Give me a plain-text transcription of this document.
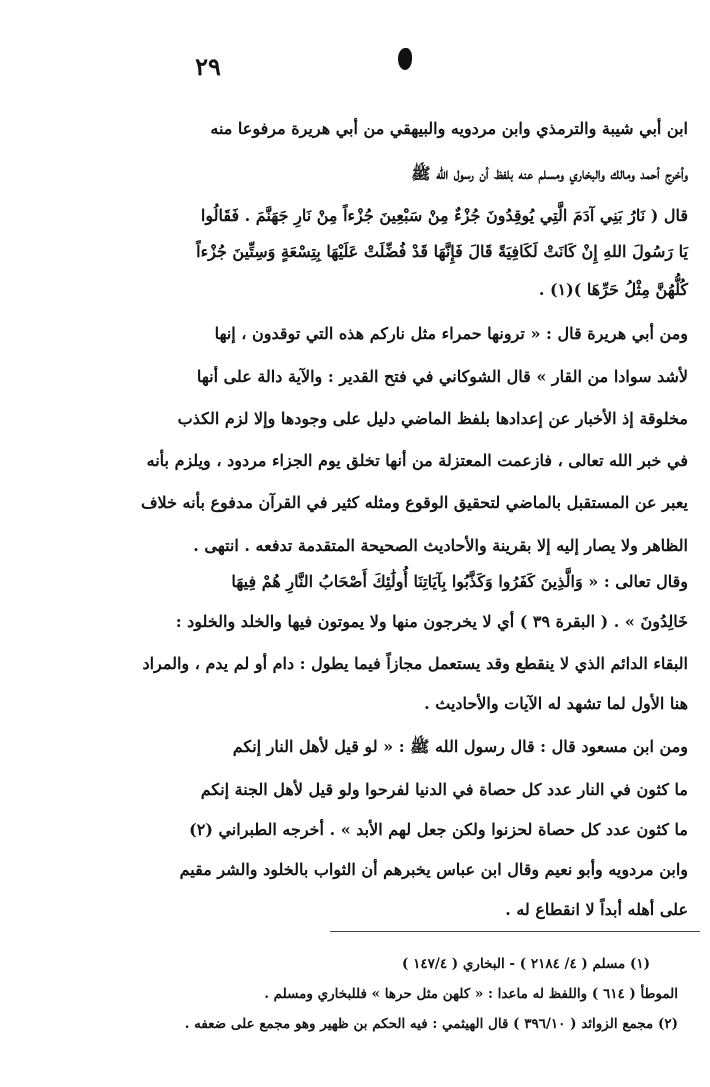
٢٩
ابن أبي شيبة والترمذي وابن مردويه والبيهقي من أبي هريرة مرفوعا منه
وأخرج أحمد ومالك والبخاري ومسلم عنه بلفظ أن رسول الله ﷺ
قال ( نَارُ بَنِي آدَمَ الَّتِي يُوقِدُونَ جُزْءٌ مِنْ سَبْعِينَ جُزْءاً مِنْ نَارِ جَهَنَّمَ . فَقَالُوا
يَا رَسُولَ اللهِ إِنْ كَانَتْ لَكَافِيَةً قَالَ فَإِنَّهَا قَدْ فُضِّلَتْ عَلَيْهَا بِتِسْعَةٍ وَسِتِّينَ جُزْءاً
كُلُّهُنَّ مِثْلُ حَرِّهَا )(١) .
ومن أبي هريرة قال : « ترونها حمراء مثل ناركم هذه التي توقدون ، إنها
لأشد سوادا من القار » قال الشوكاني في فتح القدير : والآية دالة على أنها
مخلوقة إذ الأخبار عن إعدادها بلفظ الماضي دليل على وجودها وإلا لزم الكذب
في خبر الله تعالى ، فازعمت المعتزلة من أنها تخلق يوم الجزاء مردود ، ويلزم بأنه
يعبر عن المستقبل بالماضي لتحقيق الوقوع ومثله كثير في القرآن مدفوع بأنه خلاف
الظاهر ولا يصار إليه إلا بقرينة والأحاديث الصحيحة المتقدمة تدفعه . انتهى .
وقال تعالى : « وَالَّذِينَ كَفَرُوا وَكَذَّبُوا بِآيَاتِنَا أُولَٰئِكَ أَصْحَابُ النَّارِ هُمْ فِيهَا
خَالِدُونَ » . ( البقرة ٣٩ ) أي لا يخرجون منها ولا يموتون فيها والخلد والخلود :
البقاء الدائم الذي لا ينقطع وقد يستعمل مجازاً فيما يطول : دام أو لم يدم ، والمراد
هنا الأول لما تشهد له الآيات والأحاديث .
ومن ابن مسعود قال : قال رسول الله ﷺ : « لو قيل لأهل النار إنكم
ما كثون في النار عدد كل حصاة في الدنيا لفرحوا ولو قيل لأهل الجنة إنكم
ما كثون عدد كل حصاة لحزنوا ولكن جعل لهم الأبد » . أخرجه الطبراني (٢)
وابن مردويه وأبو نعيم وقال ابن عباس يخبرهم أن الثواب بالخلود والشر مقيم
على أهله أبداً لا انقطاع له .
(١) مسلم ( ٤/ ٢١٨٤ ) - البخاري ( ١٤٧/٤ )
الموطأ ( ٦١٤ ) واللفظ له ماعدا : « كلهن مثل حرها » فللبخاري ومسلم .
(٢) مجمع الزوائد ( ٣٩٦/١٠ ) قال الهيثمي : فيه الحكم بن ظهير وهو مجمع على ضعفه .
